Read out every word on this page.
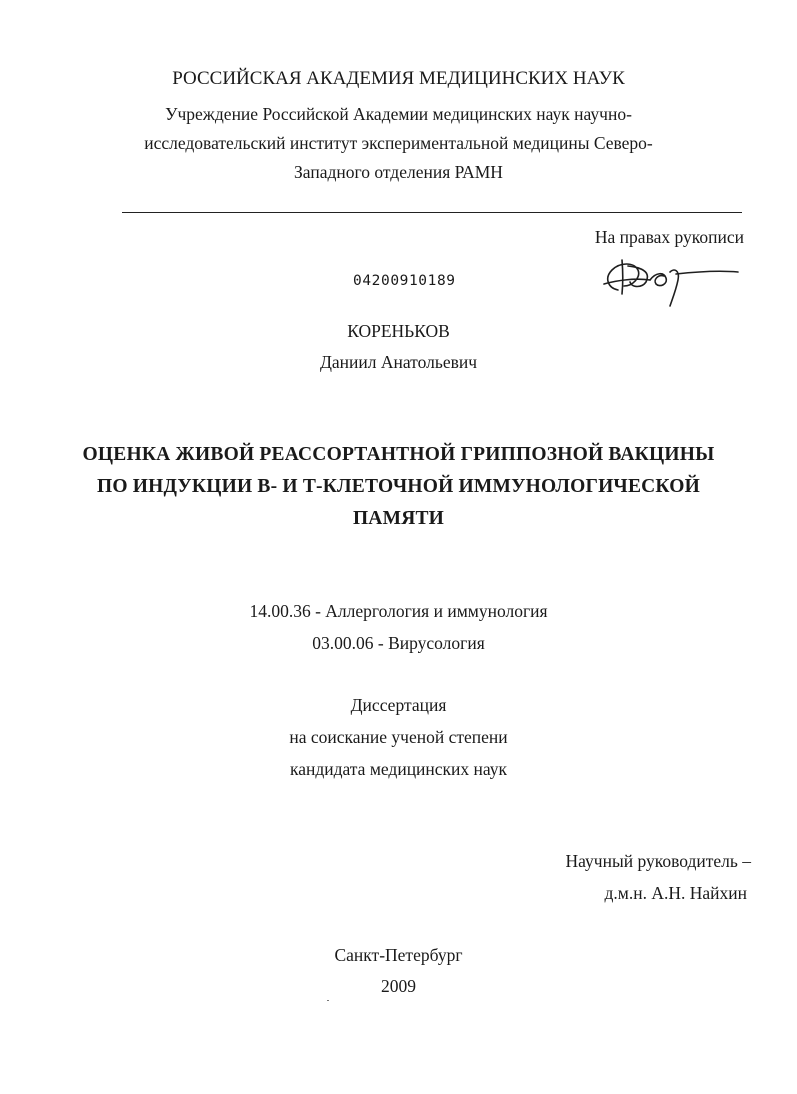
РОССИЙСКАЯ АКАДЕМИЯ МЕДИЦИНСКИХ НАУК
Учреждение Российской Академии медицинских наук научно-
исследовательский институт экспериментальной медицины Северо-
Западного отделения РАМН
На правах рукописи
04200910189
КОРЕНЬКОВ
Даниил Анатольевич
ОЦЕНКА ЖИВОЙ РЕАССОРТАНТНОЙ ГРИППОЗНОЙ ВАКЦИНЫ
ПО ИНДУКЦИИ В- И Т-КЛЕТОЧНОЙ ИММУНОЛОГИЧЕСКОЙ
ПАМЯТИ
14.00.36 - Аллергология и иммунология
03.00.06 - Вирусология
Диссертация
на соискание ученой степени
кандидата медицинских наук
Научный руководитель –
д.м.н. А.Н. Найхин
Санкт-Петербург
2009
